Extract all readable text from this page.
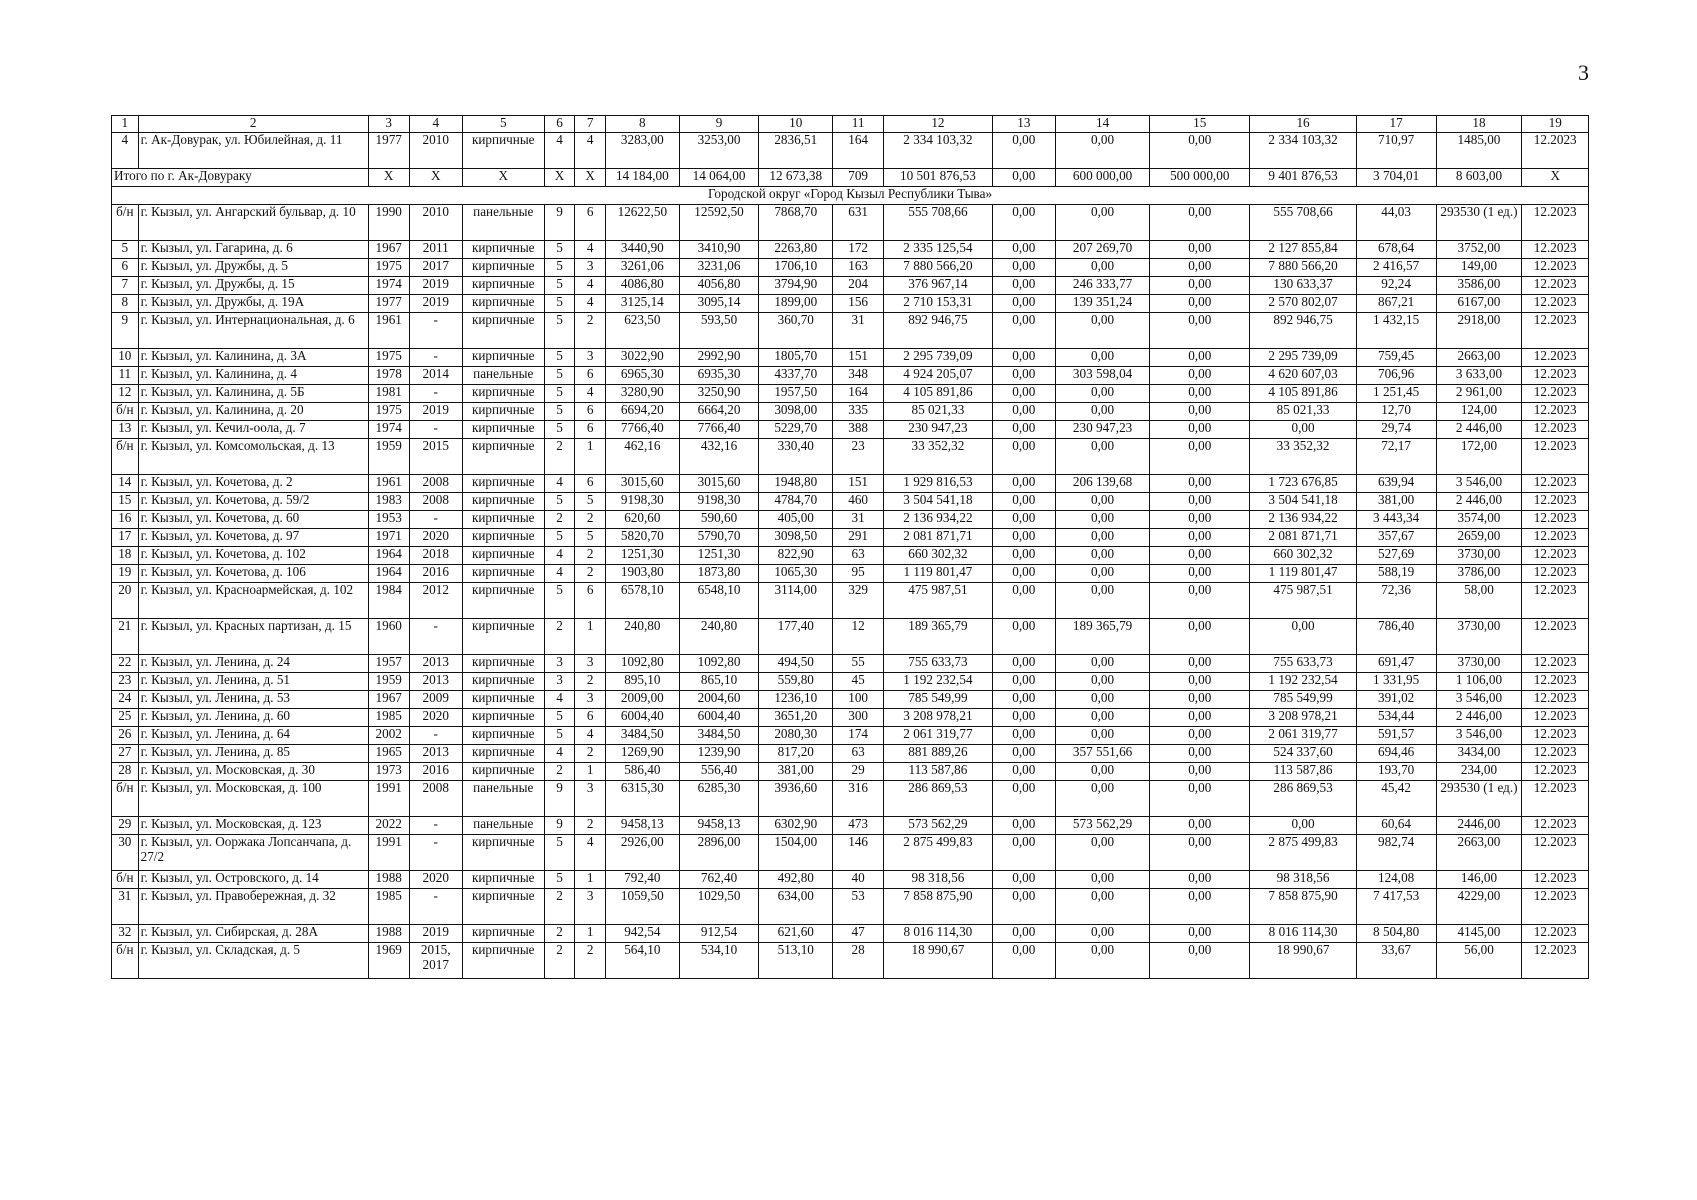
3
1	2	3	4	5	6	7	8	9	10	11	12	13	14	15	16	17	18	19
4	г. Ак-Довурак, ул. Юбилейная, д. 11	1977	2010	кирпичные	4	4	3283,00	3253,00	2836,51	164	2 334 103,32	0,00	0,00	0,00	2 334 103,32	710,97	1485,00	12.2023
Итого по г. Ак-Довураку		X	X	X	X	X	14 184,00	14 064,00	12 673,38	709	10 501 876,53	0,00	600 000,00	500 000,00	9 401 876,53	3 704,01	8 603,00	X
Городской округ «Город Кызыл Республики Тыва»																		
б/н	г. Кызыл, ул. Ангарский бульвар, д. 10	1990	2010	панельные	9	6	12622,50	12592,50	7868,70	631	555 708,66	0,00	0,00	0,00	555 708,66	44,03	293530 (1 ед.)	12.2023
5	г. Кызыл, ул. Гагарина, д. 6	1967	2011	кирпичные	5	4	3440,90	3410,90	2263,80	172	2 335 125,54	0,00	207 269,70	0,00	2 127 855,84	678,64	3752,00	12.2023
6	г. Кызыл, ул. Дружбы, д. 5	1975	2017	кирпичные	5	3	3261,06	3231,06	1706,10	163	7 880 566,20	0,00	0,00	0,00	7 880 566,20	2 416,57	149,00	12.2023
7	г. Кызыл, ул. Дружбы, д. 15	1974	2019	кирпичные	5	4	4086,80	4056,80	3794,90	204	376 967,14	0,00	246 333,77	0,00	130 633,37	92,24	3586,00	12.2023
8	г. Кызыл, ул. Дружбы, д. 19А	1977	2019	кирпичные	5	4	3125,14	3095,14	1899,00	156	2 710 153,31	0,00	139 351,24	0,00	2 570 802,07	867,21	6167,00	12.2023
9	г. Кызыл, ул. Интернациональная, д. 6	1961	-	кирпичные	5	2	623,50	593,50	360,70	31	892 946,75	0,00	0,00	0,00	892 946,75	1 432,15	2918,00	12.2023
10	г. Кызыл, ул. Калинина, д. 3А	1975	-	кирпичные	5	3	3022,90	2992,90	1805,70	151	2 295 739,09	0,00	0,00	0,00	2 295 739,09	759,45	2663,00	12.2023
11	г. Кызыл, ул. Калинина, д. 4	1978	2014	панельные	5	6	6965,30	6935,30	4337,70	348	4 924 205,07	0,00	303 598,04	0,00	4 620 607,03	706,96	3 633,00	12.2023
12	г. Кызыл, ул. Калинина, д. 5Б	1981	-	кирпичные	5	4	3280,90	3250,90	1957,50	164	4 105 891,86	0,00	0,00	0,00	4 105 891,86	1 251,45	2 961,00	12.2023
б/н	г. Кызыл, ул. Калинина, д. 20	1975	2019	кирпичные	5	6	6694,20	6664,20	3098,00	335	85 021,33	0,00	0,00	0,00	85 021,33	12,70	124,00	12.2023
13	г. Кызыл, ул. Кечил-оола, д. 7	1974	-	кирпичные	5	6	7766,40	7766,40	5229,70	388	230 947,23	0,00	230 947,23	0,00	0,00	29,74	2 446,00	12.2023
б/н	г. Кызыл, ул. Комсомольская, д. 13	1959	2015	кирпичные	2	1	462,16	432,16	330,40	23	33 352,32	0,00	0,00	0,00	33 352,32	72,17	172,00	12.2023
14	г. Кызыл, ул. Кочетова, д. 2	1961	2008	кирпичные	4	6	3015,60	3015,60	1948,80	151	1 929 816,53	0,00	206 139,68	0,00	1 723 676,85	639,94	3 546,00	12.2023
15	г. Кызыл, ул. Кочетова, д. 59/2	1983	2008	кирпичные	5	5	9198,30	9198,30	4784,70	460	3 504 541,18	0,00	0,00	0,00	3 504 541,18	381,00	2 446,00	12.2023
16	г. Кызыл, ул. Кочетова, д. 60	1953	-	кирпичные	2	2	620,60	590,60	405,00	31	2 136 934,22	0,00	0,00	0,00	2 136 934,22	3 443,34	3574,00	12.2023
17	г. Кызыл, ул. Кочетова, д. 97	1971	2020	кирпичные	5	5	5820,70	5790,70	3098,50	291	2 081 871,71	0,00	0,00	0,00	2 081 871,71	357,67	2659,00	12.2023
18	г. Кызыл, ул. Кочетова, д. 102	1964	2018	кирпичные	4	2	1251,30	1251,30	822,90	63	660 302,32	0,00	0,00	0,00	660 302,32	527,69	3730,00	12.2023
19	г. Кызыл, ул. Кочетова, д. 106	1964	2016	кирпичные	4	2	1903,80	1873,80	1065,30	95	1 119 801,47	0,00	0,00	0,00	1 119 801,47	588,19	3786,00	12.2023
20	г. Кызыл, ул. Красноармейская, д. 102	1984	2012	кирпичные	5	6	6578,10	6548,10	3114,00	329	475 987,51	0,00	0,00	0,00	475 987,51	72,36	58,00	12.2023
21	г. Кызыл, ул. Красных партизан, д. 15	1960	-	кирпичные	2	1	240,80	240,80	177,40	12	189 365,79	0,00	189 365,79	0,00	0,00	786,40	3730,00	12.2023
22	г. Кызыл, ул. Ленина, д. 24	1957	2013	кирпичные	3	3	1092,80	1092,80	494,50	55	755 633,73	0,00	0,00	0,00	755 633,73	691,47	3730,00	12.2023
23	г. Кызыл, ул. Ленина, д. 51	1959	2013	кирпичные	3	2	895,10	865,10	559,80	45	1 192 232,54	0,00	0,00	0,00	1 192 232,54	1 331,95	1 106,00	12.2023
24	г. Кызыл, ул. Ленина, д. 53	1967	2009	кирпичные	4	3	2009,00	2004,60	1236,10	100	785 549,99	0,00	0,00	0,00	785 549,99	391,02	3 546,00	12.2023
25	г. Кызыл, ул. Ленина, д. 60	1985	2020	кирпичные	5	6	6004,40	6004,40	3651,20	300	3 208 978,21	0,00	0,00	0,00	3 208 978,21	534,44	2 446,00	12.2023
26	г. Кызыл, ул. Ленина, д. 64	2002	-	кирпичные	5	4	3484,50	3484,50	2080,30	174	2 061 319,77	0,00	0,00	0,00	2 061 319,77	591,57	3 546,00	12.2023
27	г. Кызыл, ул. Ленина, д. 85	1965	2013	кирпичные	4	2	1269,90	1239,90	817,20	63	881 889,26	0,00	357 551,66	0,00	524 337,60	694,46	3434,00	12.2023
28	г. Кызыл, ул. Московская, д. 30	1973	2016	кирпичные	2	1	586,40	556,40	381,00	29	113 587,86	0,00	0,00	0,00	113 587,86	193,70	234,00	12.2023
б/н	г. Кызыл, ул. Московская, д. 100	1991	2008	панельные	9	3	6315,30	6285,30	3936,60	316	286 869,53	0,00	0,00	0,00	286 869,53	45,42	293530 (1 ед.)	12.2023
29	г. Кызыл, ул. Московская, д. 123	2022	-	панельные	9	2	9458,13	9458,13	6302,90	473	573 562,29	0,00	573 562,29	0,00	0,00	60,64	2446,00	12.2023
30	г. Кызыл, ул. Ооржака Лопсанчапа, д. 27/2	1991	-	кирпичные	5	4	2926,00	2896,00	1504,00	146	2 875 499,83	0,00	0,00	0,00	2 875 499,83	982,74	2663,00	12.2023
б/н	г. Кызыл, ул. Островского, д. 14	1988	2020	кирпичные	5	1	792,40	762,40	492,80	40	98 318,56	0,00	0,00	0,00	98 318,56	124,08	146,00	12.2023
31	г. Кызыл, ул. Правобережная, д. 32	1985	-	кирпичные	2	3	1059,50	1029,50	634,00	53	7 858 875,90	0,00	0,00	0,00	7 858 875,90	7 417,53	4229,00	12.2023
32	г. Кызыл, ул. Сибирская, д. 28А	1988	2019	кирпичные	2	1	942,54	912,54	621,60	47	8 016 114,30	0,00	0,00	0,00	8 016 114,30	8 504,80	4145,00	12.2023
б/н	г. Кызыл, ул. Складская, д. 5	1969	2015, 2017	кирпичные	2	2	564,10	534,10	513,10	28	18 990,67	0,00	0,00	0,00	18 990,67	33,67	56,00	12.2023
